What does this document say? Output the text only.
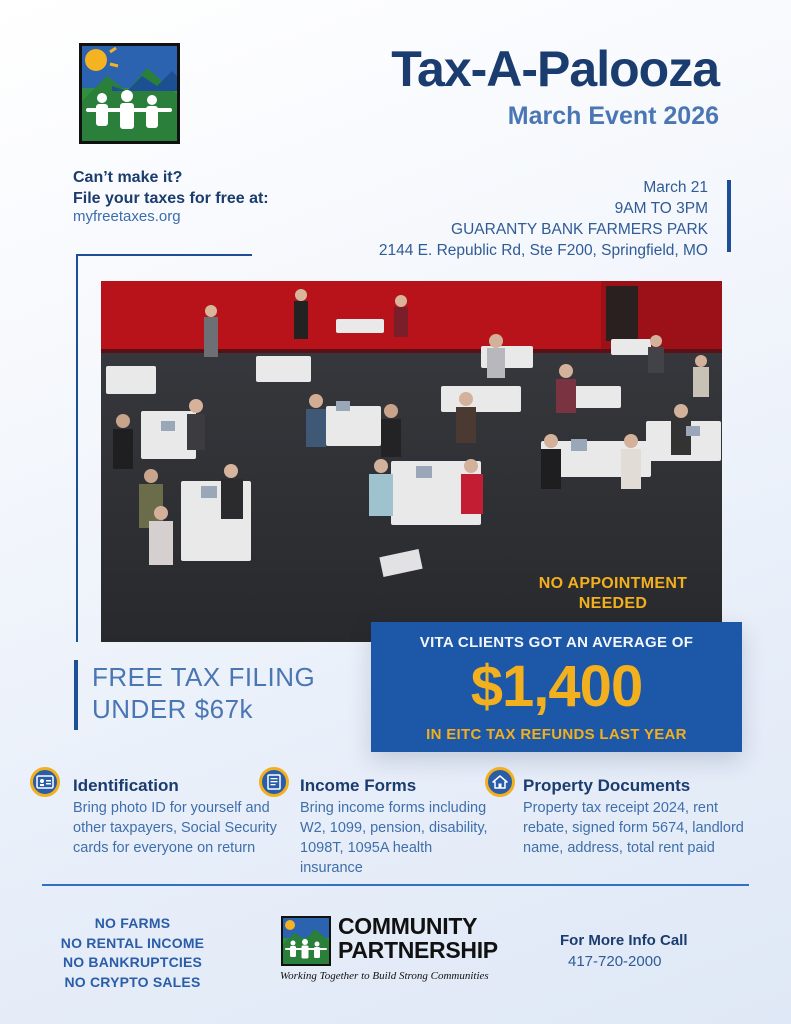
Tax-A-Palooza
March Event 2026
Can’t make it?
File your taxes for free at:
myfreetaxes.org
March 21
9AM TO 3PM
GUARANTY BANK FARMERS PARK
2144 E. Republic Rd, Ste F200, Springfield, MO
NO APPOINTMENT
NEEDED
FREE TAX FILING
UNDER $67k
VITA CLIENTS GOT AN AVERAGE OF
$1,400
IN EITC TAX REFUNDS LAST YEAR
Identification
Bring photo ID for yourself and other taxpayers, Social Security cards for everyone on return
Income Forms
Bring income forms including W2, 1099, pension, disability, 1098T, 1095A health insurance
Property Documents
Property tax receipt 2024, rent rebate, signed form 5674, landlord name, address, total rent paid
NO FARMS
NO RENTAL INCOME
NO BANKRUPTCIES
NO CRYPTO SALES
COMMUNITY
PARTNERSHIP
Working Together to Build Strong Communities
For More Info Call
417-720-2000
